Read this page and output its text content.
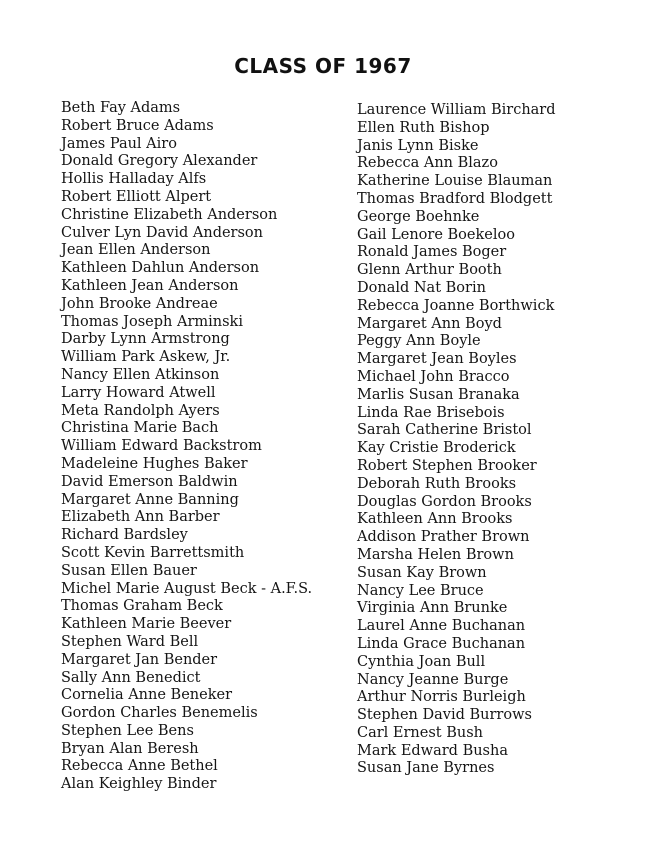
CLASS OF 1967
Beth Fay Adams
Robert Bruce Adams
James Paul Airo
Donald Gregory Alexander
Hollis Halladay Alfs
Robert Elliott Alpert
Christine Elizabeth Anderson
Culver Lyn David Anderson
Jean Ellen Anderson
Kathleen Dahlun Anderson
Kathleen Jean Anderson
John Brooke Andreae
Thomas Joseph Arminski
Darby Lynn Armstrong
William Park Askew, Jr.
Nancy Ellen Atkinson
Larry Howard Atwell
Meta Randolph Ayers
Christina Marie Bach
William Edward Backstrom
Madeleine Hughes Baker
David Emerson Baldwin
Margaret Anne Banning
Elizabeth Ann Barber
Richard Bardsley
Scott Kevin Barrettsmith
Susan Ellen Bauer
Michel Marie August Beck - A.F.S.
Thomas Graham Beck
Kathleen Marie Beever
Stephen Ward Bell
Margaret Jan Bender
Sally Ann Benedict
Cornelia Anne Beneker
Gordon Charles Benemelis
Stephen Lee Bens
Bryan Alan Beresh
Rebecca Anne Bethel
Alan Keighley Binder
Laurence William Birchard
Ellen Ruth Bishop
Janis Lynn Biske
Rebecca Ann Blazo
Katherine Louise Blauman
Thomas Bradford Blodgett
George Boehnke
Gail Lenore Boekeloo
Ronald James Boger
Glenn Arthur Booth
Donald Nat Borin
Rebecca Joanne Borthwick
Margaret Ann Boyd
Peggy Ann Boyle
Margaret Jean Boyles
Michael John Bracco
Marlis Susan Branaka
Linda Rae Brisebois
Sarah Catherine Bristol
Kay Cristie Broderick
Robert Stephen Brooker
Deborah Ruth Brooks
Douglas Gordon Brooks
Kathleen Ann Brooks
Addison Prather Brown
Marsha Helen Brown
Susan Kay Brown
Nancy Lee Bruce
Virginia Ann Brunke
Laurel Anne Buchanan
Linda Grace Buchanan
Cynthia Joan Bull
Nancy Jeanne Burge
Arthur Norris Burleigh
Stephen David Burrows
Carl Ernest Bush
Mark Edward Busha
Susan Jane Byrnes
